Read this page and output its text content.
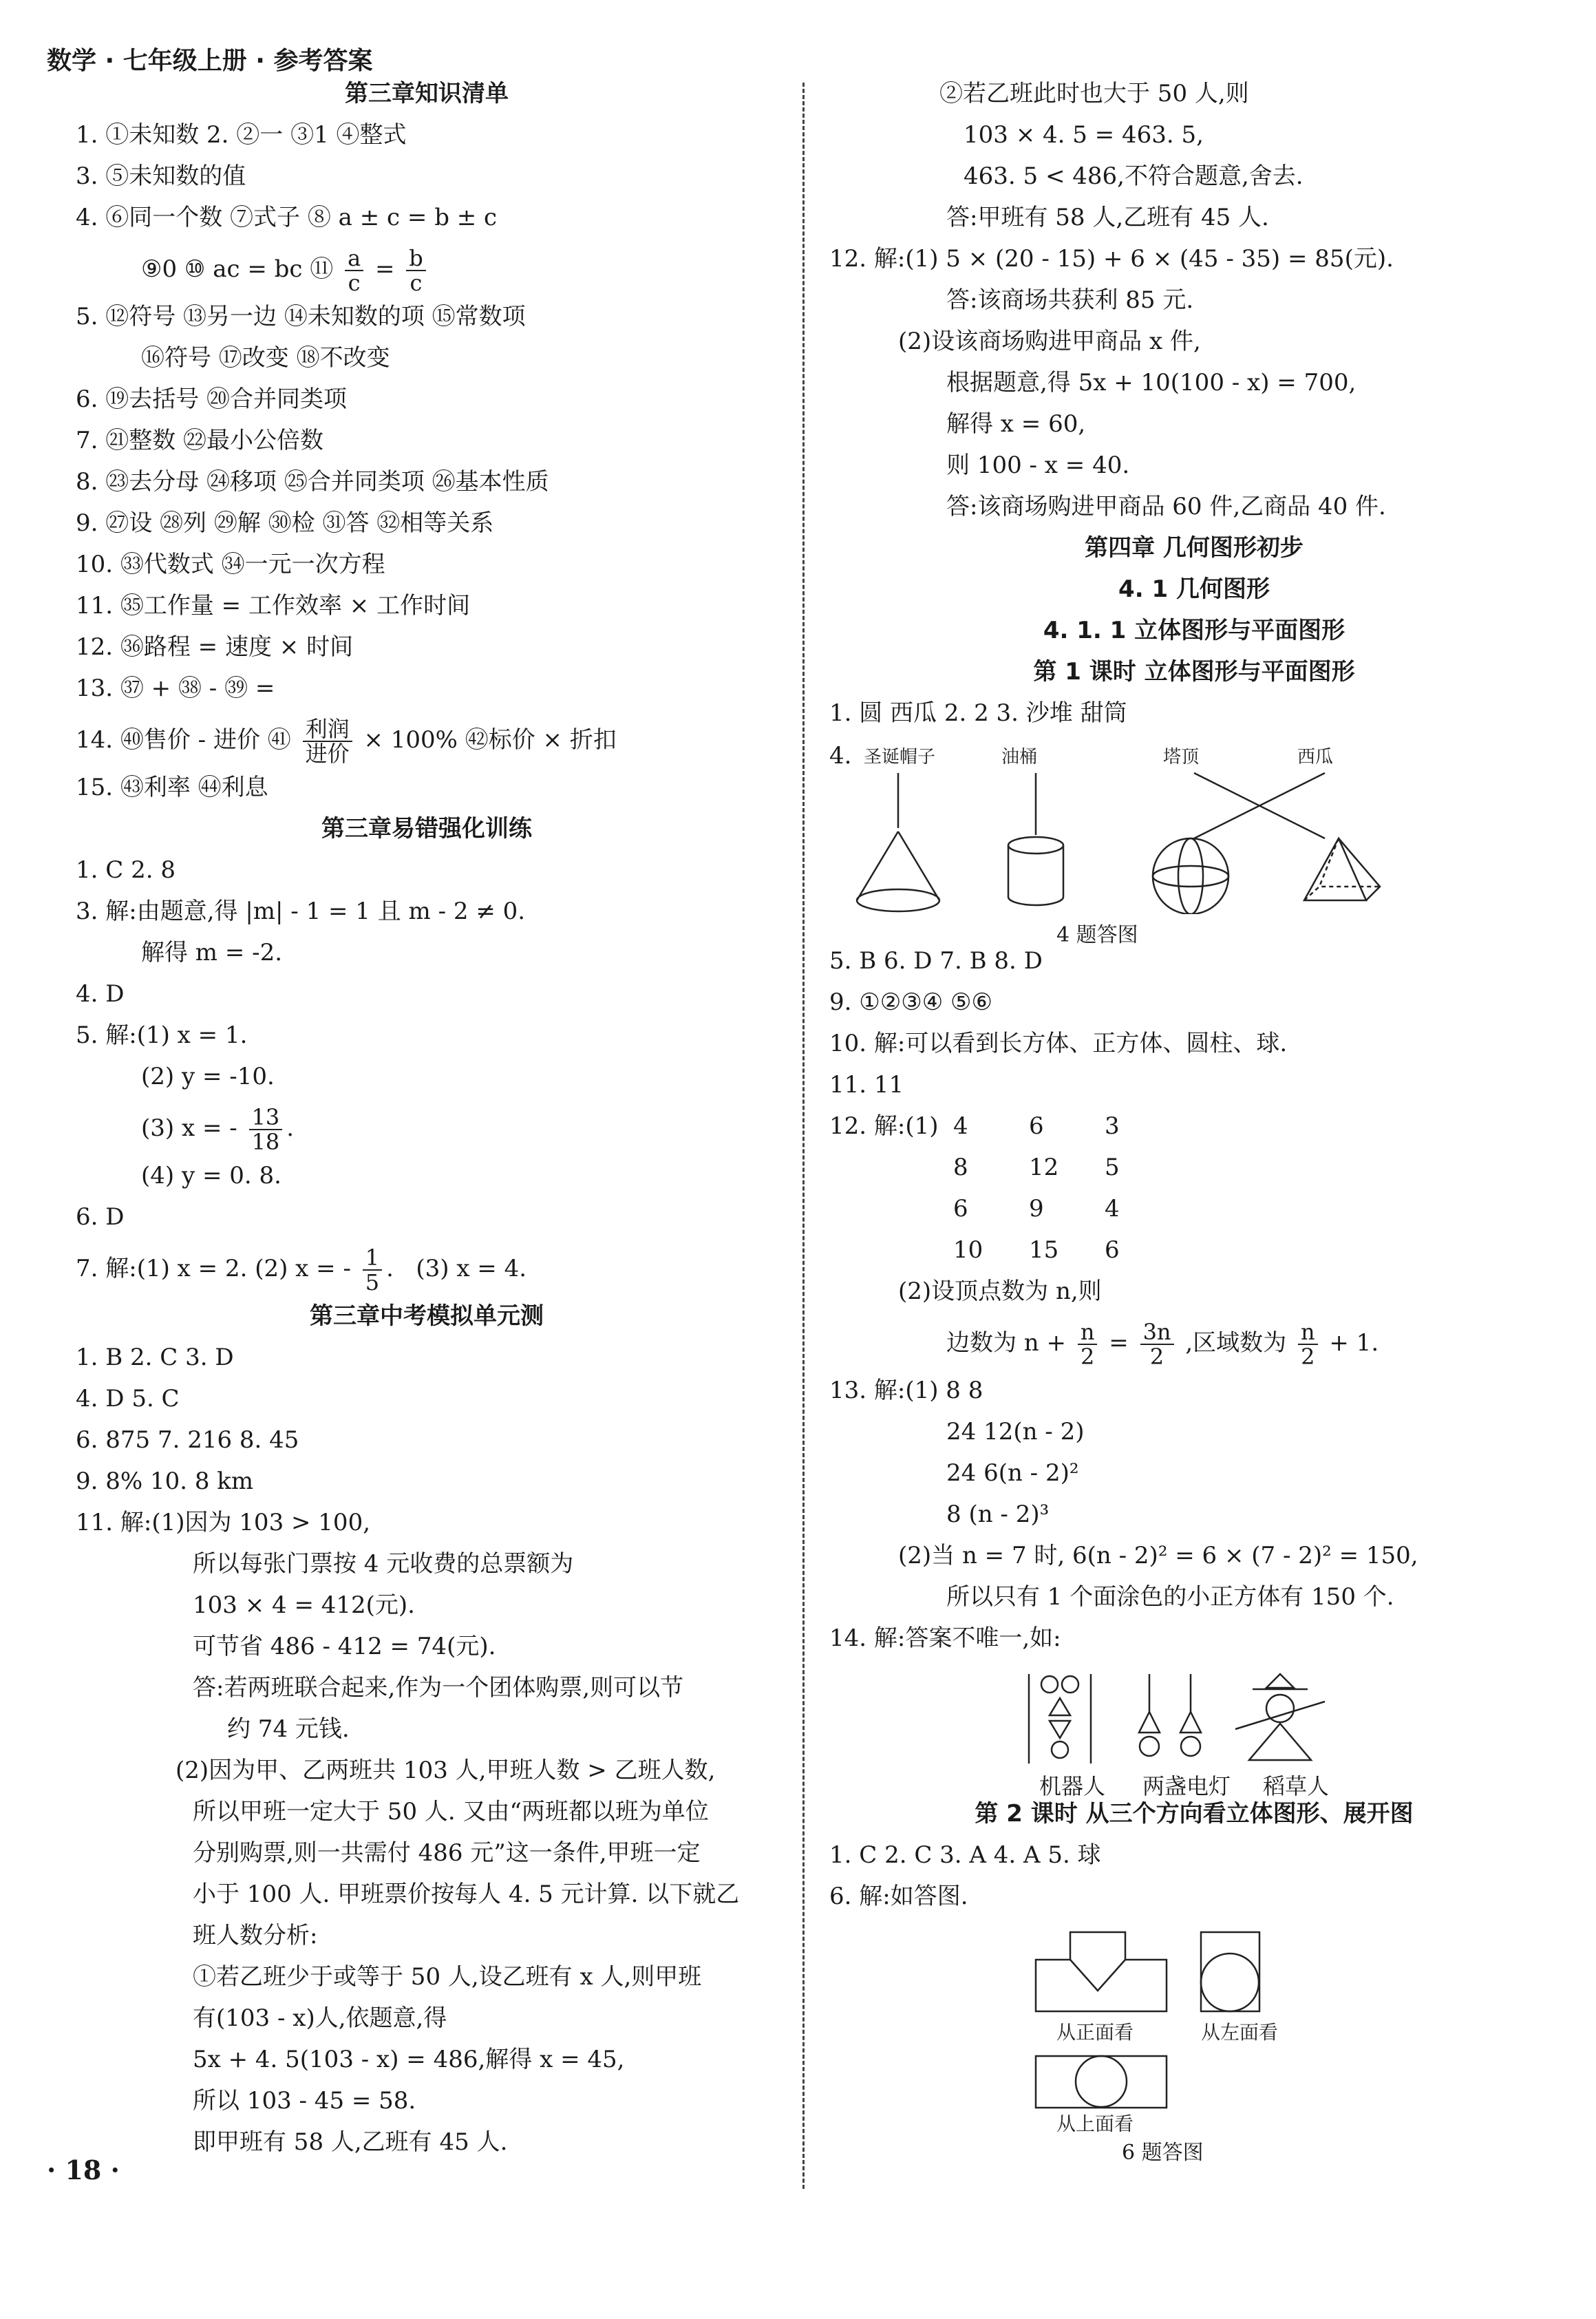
数学 · 七年级上册 · 参考答案
第三章知识清单
1. ①未知数 2. ②一 ③1 ④整式
3. ⑤未知数的值
4. ⑥同一个数 ⑦式子 ⑧ a ± c = b ± c
⑨0 ⑩ ac = bc ⑪ $\frac{a}{c} = \frac{b}{c}$
5. ⑫符号 ⑬另一边 ⑭未知数的项 ⑮常数项
⑯符号 ⑰改变 ⑱不改变
6. ⑲去括号 ⑳合并同类项
7. ㉑整数 ㉒最小公倍数
8. ㉓去分母 ㉔移项 ㉕合并同类项 ㉖基本性质
9. ㉗设 ㉘列 ㉙解 ㉚检 ㉛答 ㉜相等关系
10. ㉝代数式 ㉞一元一次方程
11. ㉟工作量 = 工作效率 × 工作时间
12. ㊱路程 = 速度 × 时间
13. ㊲ + ㊳ - ㊴ =
14. ㊵售价 - 进价 ㊶ $\frac{\text{利润}}{\text{进价}} \times 100\%$ ㊷标价 × 折扣
15. ㊸利率 ㊹利息
第三章易错强化训练
1. C 2. 8
3. 解:由题意,得 |m| - 1 = 1 且 m - 2 ≠ 0.
解得 m = -2.
4. D
5. 解:(1) x = 1.
(2) y = -10.
(3) x = - $\frac{13}{18}$ .
(4) y = 0. 8.
6. D
7. 解:(1) x = 2. (2) x = - $\frac{1}{5}$ .   (3) x = 4.
第三章中考模拟单元测
1. B 2. C 3. D
4. D 5. C
6. 875 7. 216 8. 45
9. 8% 10. 8 km
11. 解:(1)因为 103 > 100,
所以每张门票按 4 元收费的总票额为
103 × 4 = 412(元).
可节省 486 - 412 = 74(元).
答:若两班联合起来,作为一个团体购票,则可以节
约 74 元钱.
(2)因为甲、乙两班共 103 人,甲班人数 > 乙班人数,
所以甲班一定大于 50 人. 又由“两班都以班为单位
分别购票,则一共需付 486 元”这一条件,甲班一定
小于 100 人. 甲班票价按每人 4. 5 元计算. 以下就乙
班人数分析:
①若乙班少于或等于 50 人,设乙班有 x 人,则甲班
有(103 - x)人,依题意,得
5x + 4. 5(103 - x) = 486,解得 x = 45,
所以 103 - 45 = 58.
即甲班有 58 人,乙班有 45 人.
②若乙班此时也大于 50 人,则
103 × 4. 5 = 463. 5,
463. 5 < 486,不符合题意,舍去.
答:甲班有 58 人,乙班有 45 人.
12. 解:(1) 5 × (20 - 15) + 6 × (45 - 35) = 85(元).
答:该商场共获利 85 元.
(2)设该商场购进甲商品 x 件,
根据题意,得 5x + 10(100 - x) = 700,
解得 x = 60,
则 100 - x = 40.
答:该商场购进甲商品 60 件,乙商品 40 件.
第四章 几何图形初步
4. 1 几何图形
4. 1. 1 立体图形与平面图形
第 1 课时 立体图形与平面图形
1. 圆 西瓜 2. 2 3. 沙堆 甜筒
4. 圣诞帽子	油桶	塔顶	西瓜
4 题答图
5. B 6. D 7. B 8. D
9. ①②③④ ⑤⑥
10. 解:可以看到长方体、正方体、圆柱、球.
11. 11
12. 解:(1) 4	6	3
8	12 5
6	9	4
10 15 6
(2)设顶点数为 n,则
边数为 $n + \frac{n}{2} = \frac{3n}{2}$ ,区域数为 $\frac{n}{2} + 1$.
13. 解:(1) 8 8
24 12(n - 2)
24 6(n - 2)²
8 (n - 2)³
(2)当 n = 7 时, 6(n - 2)² = 6 × (7 - 2)² = 150,
所以只有 1 个面涂色的小正方体有 150 个.
14. 解:答案不唯一,如:
机器人 两盏电灯 稻草人
第 2 课时 从三个方向看立体图形、展开图
1. C 2. C 3. A 4. A 5. 球
6. 解:如答图.
从正面看	从左面看
从上面看
6 题答图
· 18 ·
